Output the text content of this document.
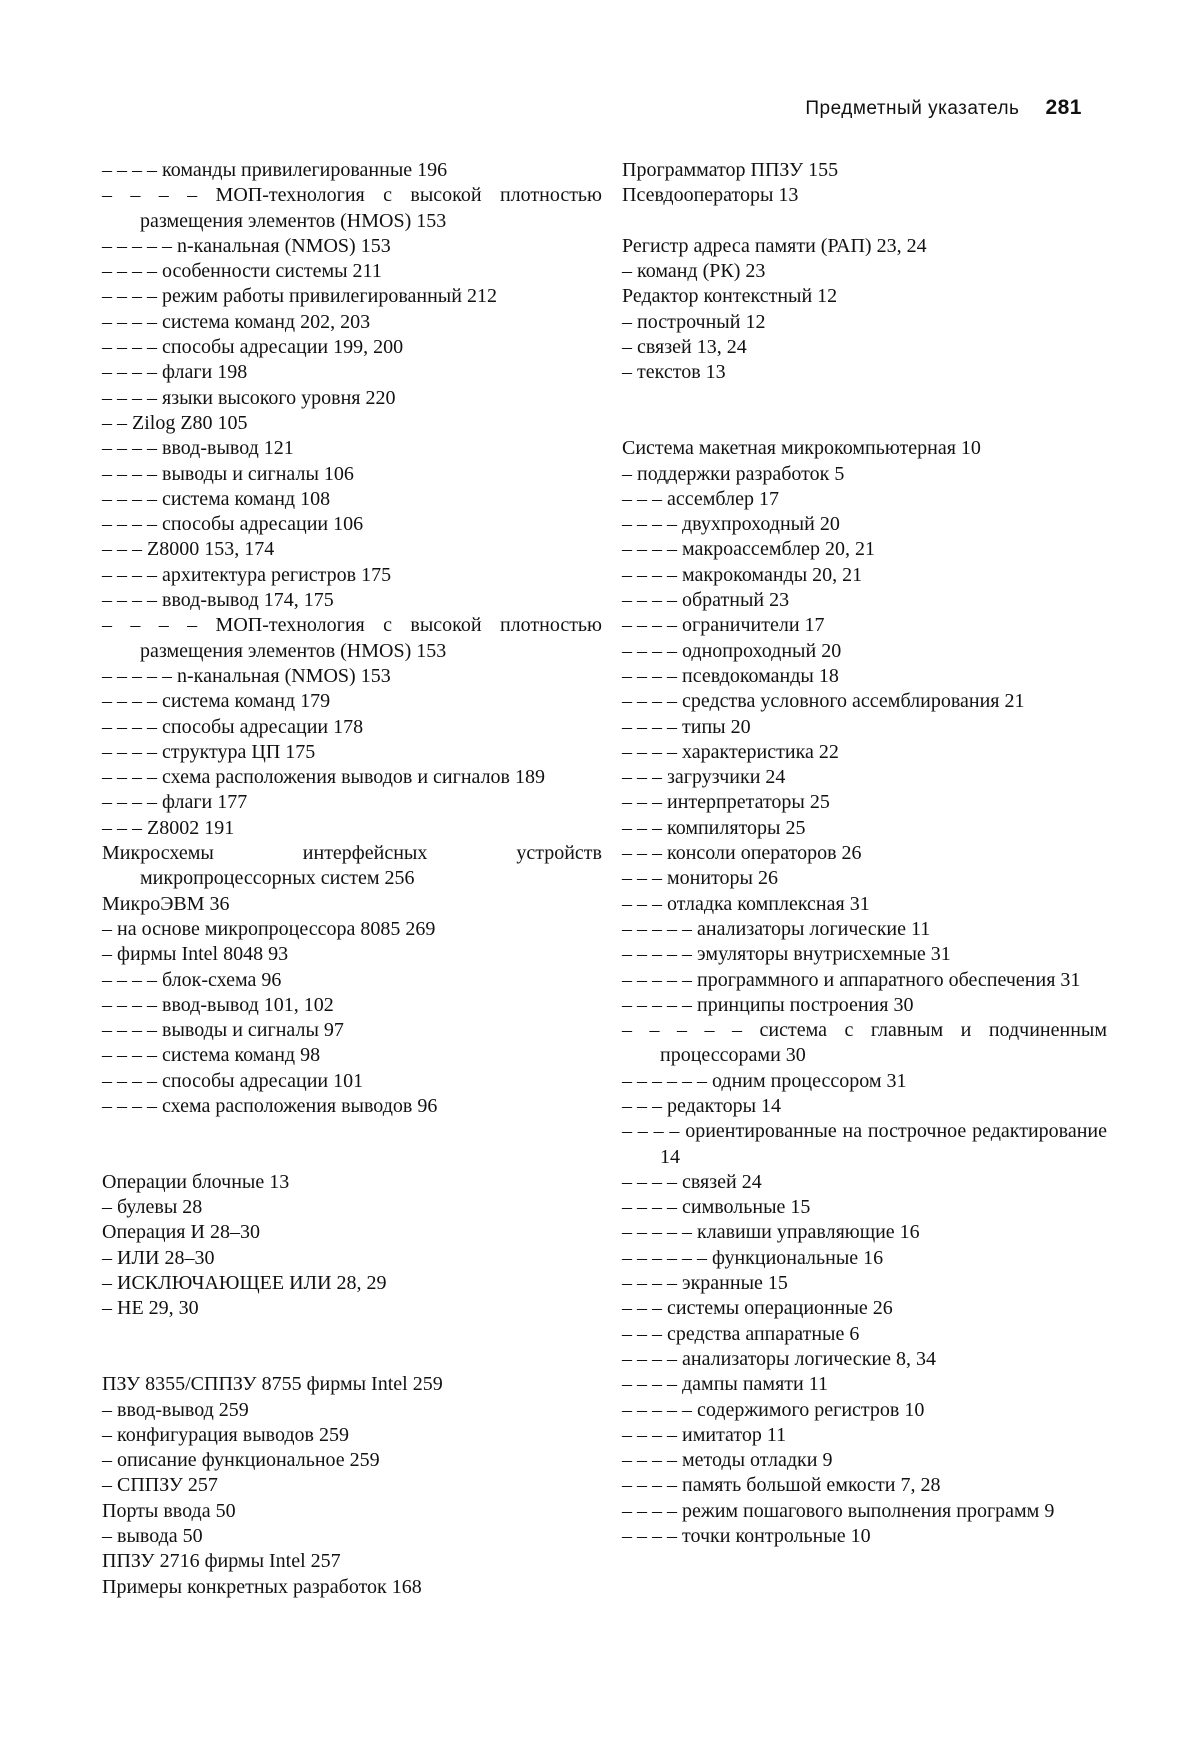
Предметный указатель 281

– – – – команды привилегированные 196

– – – – МОП-технология с высокой плотностью размещения элементов (HMOS) 153

– – – – – n-канальная (NMOS) 153

– – – – особенности системы 211

– – – – режим работы привилегированный 212

– – – – система команд 202, 203

– – – – способы адресации 199, 200

– – – – флаги 198

– – – – языки высокого уровня 220

– – Zilog Z80 105

– – – – ввод-вывод 121

– – – – выводы и сигналы 106

– – – – система команд 108

– – – – способы адресации 106

– – – Z8000 153, 174

– – – – архитектура регистров 175

– – – – ввод-вывод 174, 175

– – – – МОП-технология с высокой плотностью размещения элементов (HMOS) 153

– – – – – n-канальная (NMOS) 153

– – – – система команд 179

– – – – способы адресации 178

– – – – структура ЦП 175

– – – – схема расположения выводов и сигналов 189

– – – – флаги 177

– – – Z8002 191

Микросхемы интерфейсных устройств микропроцессорных систем 256

МикроЭВМ 36

– на основе микропроцессора 8085 269

– фирмы Intel 8048 93

– – – – блок-схема 96

– – – – ввод-вывод 101, 102

– – – – выводы и сигналы 97

– – – – система команд 98

– – – – способы адресации 101

– – – – схема расположения выводов 96

Операции блочные 13

– булевы 28

Операция И 28–30

– ИЛИ 28–30

– ИСКЛЮЧАЮЩЕЕ ИЛИ 28, 29

– НЕ 29, 30

ПЗУ 8355/СППЗУ 8755 фирмы Intel 259

– ввод-вывод 259

– конфигурация выводов 259

– описание функциональное 259

– СППЗУ 257

Порты ввода 50

– вывода 50

ППЗУ 2716 фирмы Intel 257

Примеры конкретных разработок 168

Программатор ППЗУ 155

Псевдооператоры 13

Регистр адреса памяти (РАП) 23, 24

– команд (РК) 23

Редактор контекстный 12

– построчный 12

– связей 13, 24

– текстов 13

Система макетная микрокомпьютерная 10

– поддержки разработок 5

– – – ассемблер 17

– – – – двухпроходный 20

– – – – макроассемблер 20, 21

– – – – макрокоманды 20, 21

– – – – обратный 23

– – – – ограничители 17

– – – – однопроходный 20

– – – – псевдокоманды 18

– – – – средства условного ассемблирования 21

– – – – типы 20

– – – – характеристика 22

– – – загрузчики 24

– – – интерпретаторы 25

– – – компиляторы 25

– – – консоли операторов 26

– – – мониторы 26

– – – отладка комплексная 31

– – – – – анализаторы логические 11

– – – – – эмуляторы внутрисхемные 31

– – – – – программного и аппаратного обеспечения 31

– – – – – принципы построения 30

– – – – – система с главным и подчиненным процессорами 30

– – – – – – одним процессором 31

– – – редакторы 14

– – – – ориентированные на построчное редактирование 14

– – – – связей 24

– – – – символьные 15

– – – – – клавиши управляющие 16

– – – – – – функциональные 16

– – – – экранные 15

– – – системы операционные 26

– – – средства аппаратные 6

– – – – анализаторы логические 8, 34

– – – – дампы памяти 11

– – – – – содержимого регистров 10

– – – – имитатор 11

– – – – методы отладки 9

– – – – память большой емкости 7, 28

– – – – режим пошагового выполнения программ 9

– – – – точки контрольные 10
